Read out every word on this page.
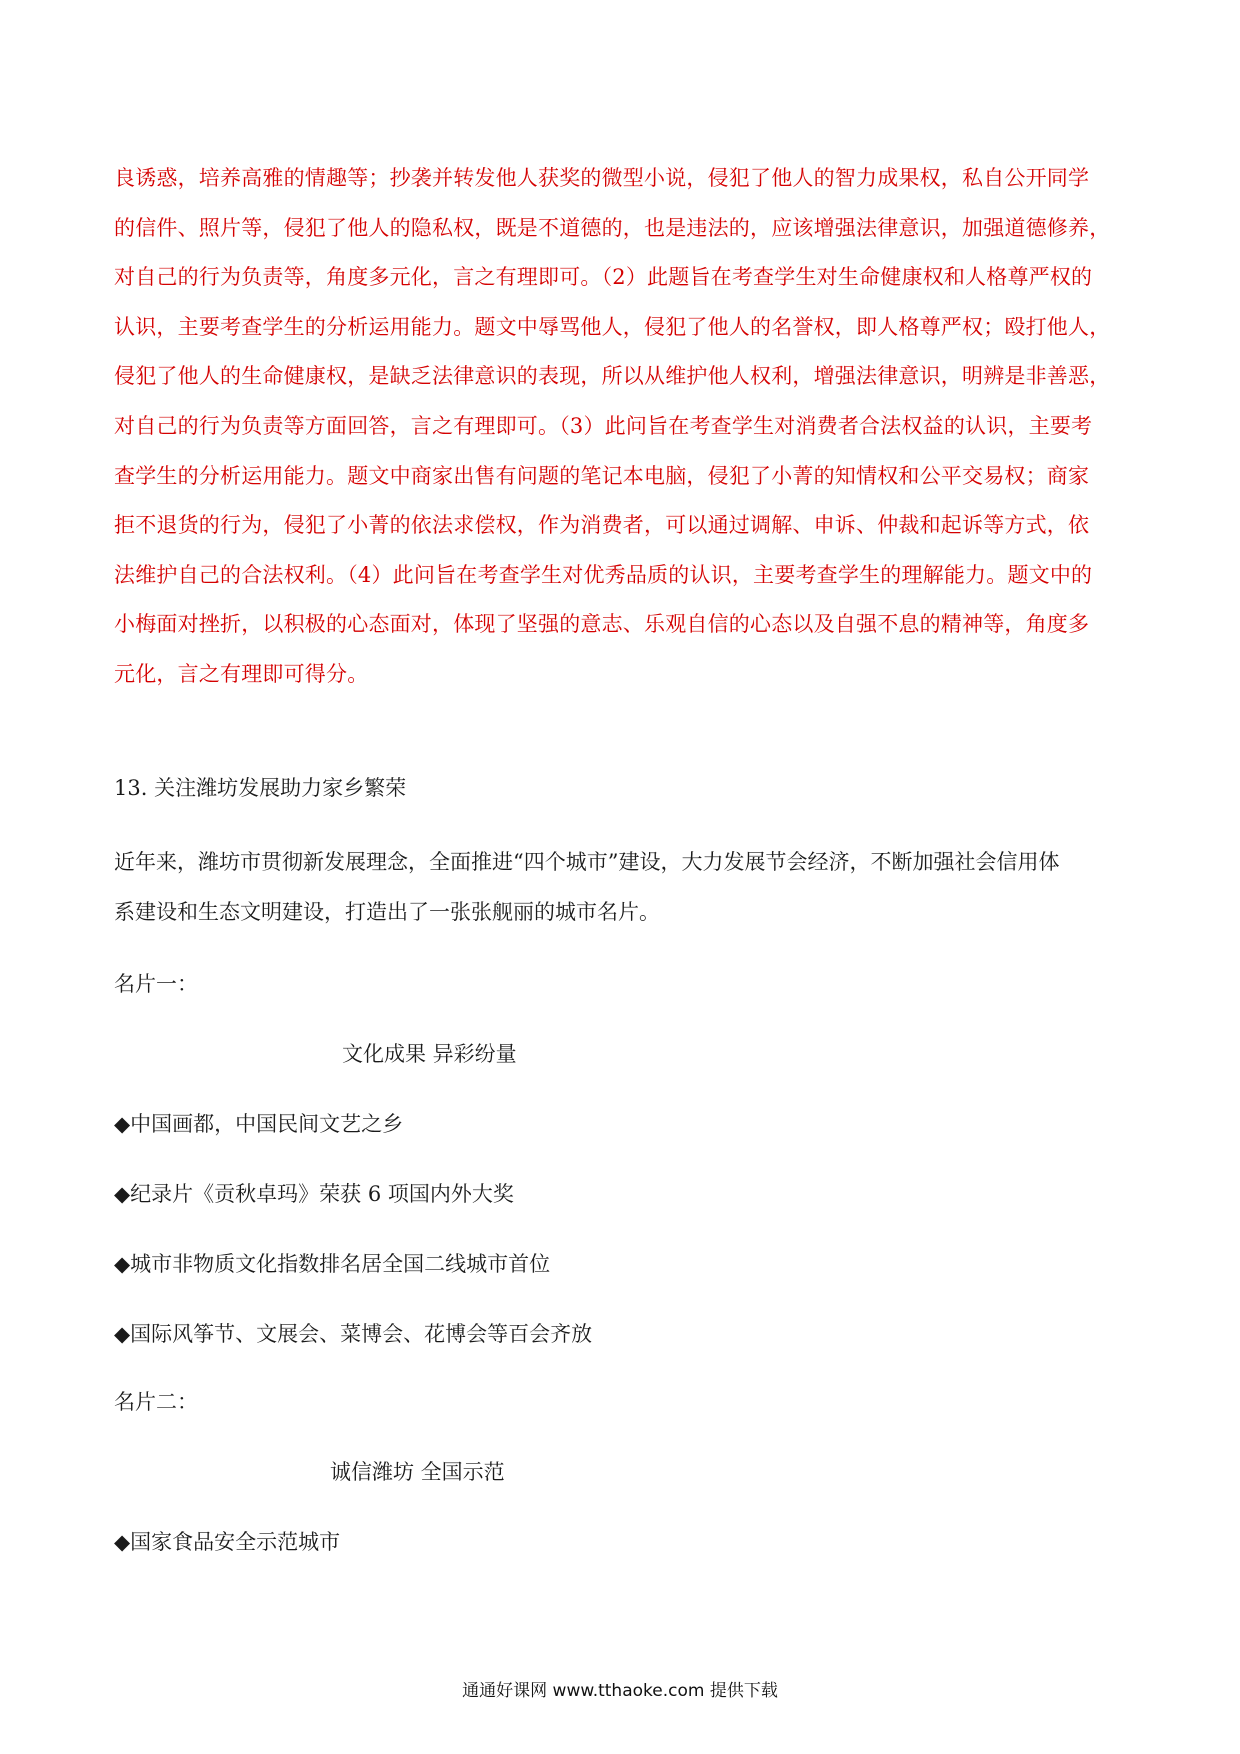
良诱惑，培养高雅的情趣等；抄袭并转发他人获奖的微型小说，侵犯了他人的智力成果权，私自公开同学
的信件、照片等，侵犯了他人的隐私权，既是不道德的，也是违法的，应该增强法律意识，加强道德修养，
对自己的行为负责等，角度多元化，言之有理即可。（2）此题旨在考查学生对生命健康权和人格尊严权的
认识，主要考查学生的分析运用能力。题文中辱骂他人，侵犯了他人的名誉权，即人格尊严权；殴打他人，
侵犯了他人的生命健康权，是缺乏法律意识的表现，所以从维护他人权利，增强法律意识，明辨是非善恶，
对自己的行为负责等方面回答，言之有理即可。（3）此问旨在考查学生对消费者合法权益的认识，主要考
查学生的分析运用能力。题文中商家出售有问题的笔记本电脑，侵犯了小菁的知情权和公平交易权；商家
拒不退货的行为，侵犯了小菁的依法求偿权，作为消费者，可以通过调解、申诉、仲裁和起诉等方式，依
法维护自己的合法权利。（4）此问旨在考查学生对优秀品质的认识，主要考查学生的理解能力。题文中的
小梅面对挫折，以积极的心态面对，体现了坚强的意志、乐观自信的心态以及自强不息的精神等，角度多
元化，言之有理即可得分。
13. 关注潍坊发展助力家乡繁荣
近年来，潍坊市贯彻新发展理念，全面推进“四个城市”建设，大力发展节会经济，不断加强社会信用体
系建设和生态文明建设，打造出了一张张舰丽的城市名片。
名片一：
文化成果 异彩纷量
◆中国画都，中国民间文艺之乡
◆纪录片《贡秋卓玛》荣获 6 项国内外大奖
◆城市非物质文化指数排名居全国二线城市首位
◆国际风筝节、文展会、菜博会、花博会等百会齐放
名片二：
诚信潍坊 全国示范
◆国家食品安全示范城市
通通好课网 www.tthaoke.com 提供下载
